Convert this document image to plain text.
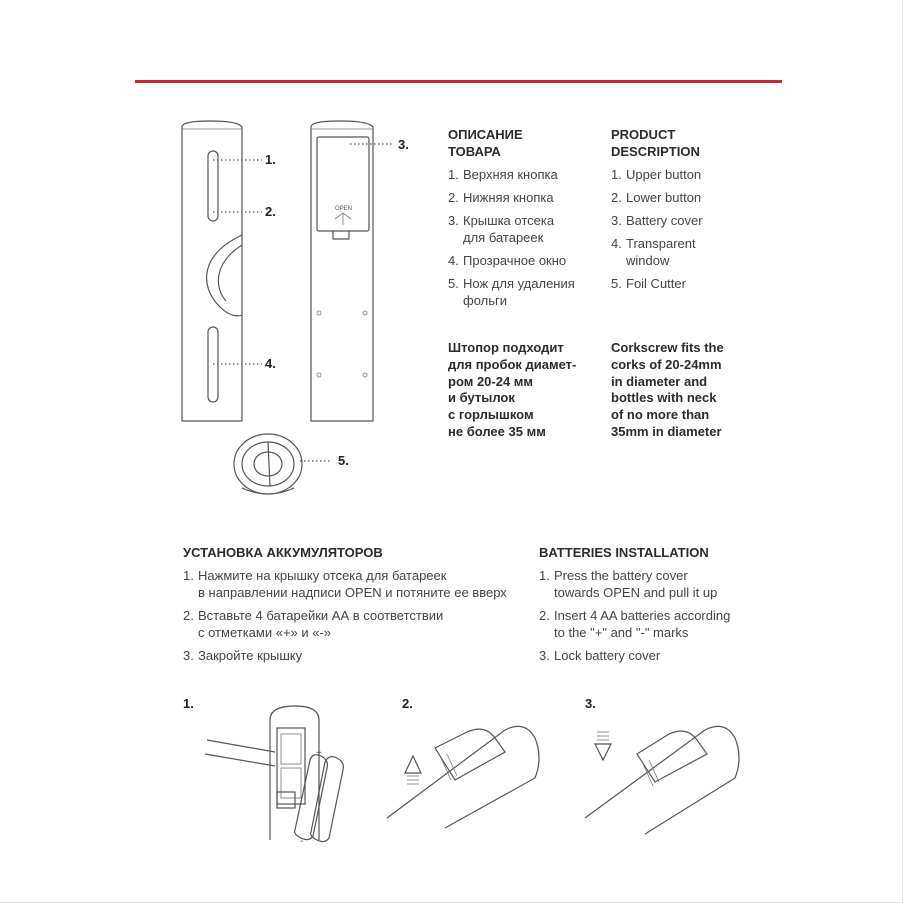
OPEN
1.
2.
3.
4.
5.
ОПИСАНИЕ
ТОВАРА
1. Верхняя кнопка
2. Нижняя кнопка
3. Крышка отсека
для батареек
4. Прозрачное окно
5. Нож для удаления
фольги
PRODUCT
DESCRIPTION
1. Upper button
2. Lower button
3. Battery cover
4. Transparent
window
5. Foil Cutter
Штопор подходит
для пробок диамет-
ром 20-24 мм
и бутылок
с горлышком
не более 35 мм
Corkscrew fits the
corks of 20-24mm
in diameter and
bottles with neck
of no more than
35mm in diameter
УСТАНОВКА АККУМУЛЯТОРОВ
1. Нажмите на крышку отсека для батареек
в направлении надписи OPEN и потяните ее вверх
2. Вставьте 4 батарейки АА в соответствии
с отметками «+» и «-»
3. Закройте крышку
BATTERIES INSTALLATION
1. Press the battery cover
towards OPEN and pull it up
2. Insert 4 AA batteries according
to the "+" and "-" marks
3. Lock battery cover
1.	2.	3.
+
-
